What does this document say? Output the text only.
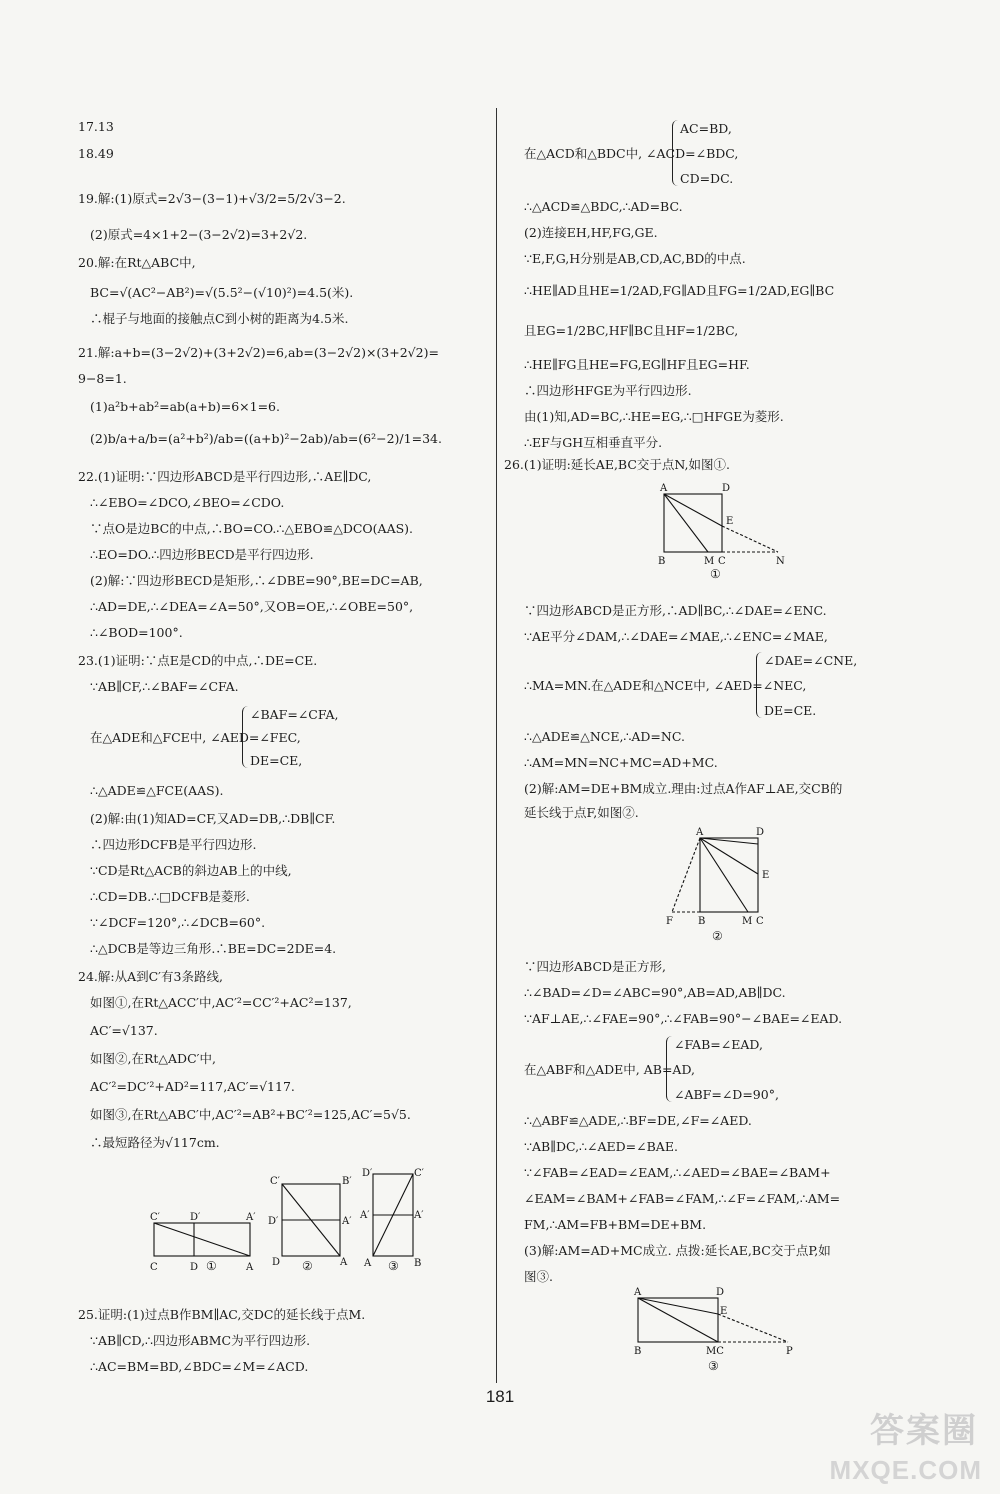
17.13
18.49
19.解:(1)原式=2√3−(3−1)+√3/2=5/2√3−2.
(2)原式=4×1+2−(3−2√2)=3+2√2.
20.解:在Rt△ABC中,
BC=√(AC²−AB²)=√(5.5²−(√10)²)=4.5(米).
∴棍子与地面的接触点C到小树的距离为4.5米.
21.解:a+b=(3−2√2)+(3+2√2)=6,ab=(3−2√2)×(3+2√2)=
9−8=1.
(1)a²b+ab²=ab(a+b)=6×1=6.
(2)b/a+a/b=(a²+b²)/ab=((a+b)²−2ab)/ab=(6²−2)/1=34.
22.(1)证明:∵四边形ABCD是平行四边形,∴AE∥DC,
∴∠EBO=∠DCO,∠BEO=∠CDO.
∵点O是边BC的中点,∴BO=CO.∴△EBO≌△DCO(AAS).
∴EO=DO.∴四边形BECD是平行四边形.
(2)解:∵四边形BECD是矩形,∴∠DBE=90°,BE=DC=AB,
∴AD=DE,∴∠DEA=∠A=50°,又OB=OE,∴∠OBE=50°,
∴∠BOD=100°.
23.(1)证明:∵点E是CD的中点,∴DE=CE.
∵AB∥CF,∴∠BAF=∠CFA.
∠BAF=∠CFA,
在△ADE和△FCE中, ∠AED=∠FEC,
DE=CE,
∴△ADE≌△FCE(AAS).
(2)解:由(1)知AD=CF,又AD=DB,∴DB∥CF.
∴四边形DCFB是平行四边形.
∵CD是Rt△ACB的斜边AB上的中线,
∴CD=DB.∴□DCFB是菱形.
∵∠DCF=120°,∴∠DCB=60°.
∴△DCB是等边三角形.∴BE=DC=2DE=4.
24.解:从A到C′有3条路线,
如图①,在Rt△ACC′中,AC′²=CC′²+AC²=137,
AC′=√137.
如图②,在Rt△ADC′中,
AC′²=DC′²+AD²=117,AC′=√117.
如图③,在Rt△ABC′中,AC′²=AB²+BC′²=125,AC′=5√5.
∴最短路径为√117cm.
C′	D′	A′
C	D	A
C′	B′
D′	A′
D	A
D′	C′
A′	A′
A	B
①	②	③
25.证明:(1)过点B作BM∥AC,交DC的延长线于点M.
∵AB∥CD,∴四边形ABMC为平行四边形.
∴AC=BM=BD,∠BDC=∠M=∠ACD.
AC=BD,
在△ACD和△BDC中, ∠ACD=∠BDC,
CD=DC.
∴△ACD≌△BDC,∴AD=BC.
(2)连接EH,HF,FG,GE.
∵E,F,G,H分别是AB,CD,AC,BD的中点.
∴HE∥AD且HE=1/2AD,FG∥AD且FG=1/2AD,EG∥BC
且EG=1/2BC,HF∥BC且HF=1/2BC,
∴HE∥FG且HE=FG,EG∥HF且EG=HF.
∴四边形HFGE为平行四边形.
由(1)知,AD=BC,∴HE=EG,∴□HFGE为菱形.
∴EF与GH互相垂直平分.
26.(1)证明:延长AE,BC交于点N,如图①.
A	D
E
B	M C	N
①
∵四边形ABCD是正方形,∴AD∥BC,∴∠DAE=∠ENC.
∵AE平分∠DAM,∴∠DAE=∠MAE,∴∠ENC=∠MAE,
∠DAE=∠CNE,
∴MA=MN.在△ADE和△NCE中, ∠AED=∠NEC,
DE=CE.
∴△ADE≌△NCE,∴AD=NC.
∴AM=MN=NC+MC=AD+MC.
(2)解:AM=DE+BM成立.理由:过点A作AF⊥AE,交CB的
延长线于点F,如图②.
A	D
E
F	B	M C
②
∵四边形ABCD是正方形,
∴∠BAD=∠D=∠ABC=90°,AB=AD,AB∥DC.
∵AF⊥AE,∴∠FAE=90°,∴∠FAB=90°−∠BAE=∠EAD.
∠FAB=∠EAD,
在△ABF和△ADE中, AB=AD,
∠ABF=∠D=90°,
∴△ABF≌△ADE,∴BF=DE,∠F=∠AED.
∵AB∥DC,∴∠AED=∠BAE.
∵∠FAB=∠EAD=∠EAM,∴∠AED=∠BAE=∠BAM+
∠EAM=∠BAM+∠FAB=∠FAM,∴∠F=∠FAM,∴AM=
FM,∴AM=FB+BM=DE+BM.
(3)解:AM=AD+MC成立. 点拨:延长AE,BC交于点P,如
图③.
A	D
E
B	MC	P
③
181
答案圈
MXQE.COM
